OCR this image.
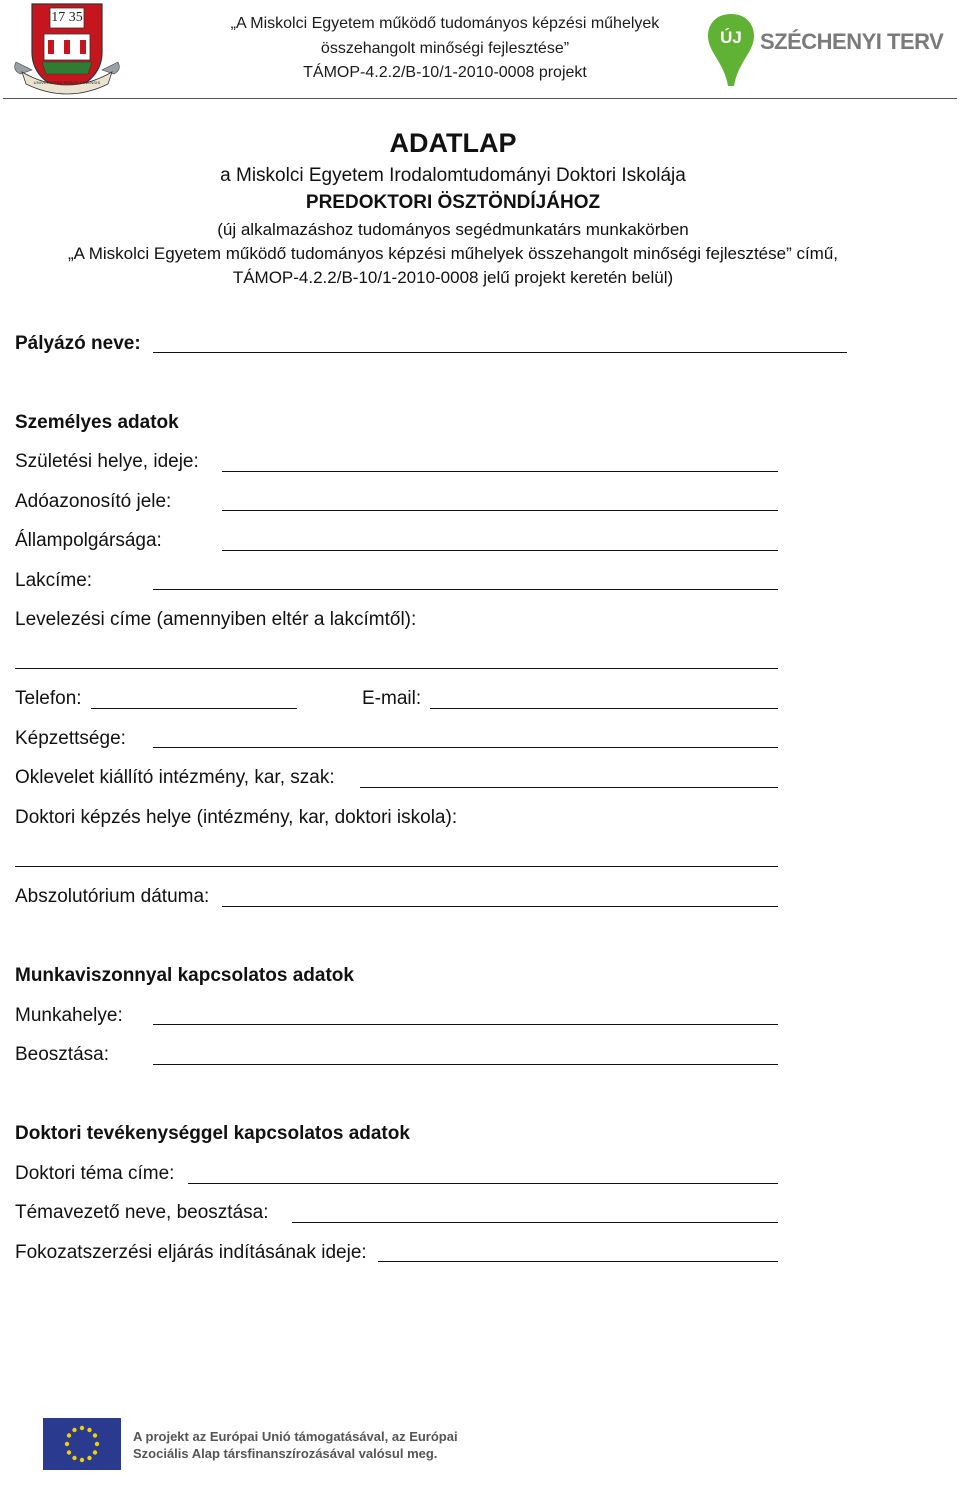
17 35
UNIVERSITAS MISKOLCINENSIS
„A Miskolci Egyetem működő tudományos képzési műhelyek
összehangolt minőségi fejlesztése”
TÁMOP-4.2.2/B-10/1-2010-0008 projekt
ÚJ SZÉCHENYI TERV
ADATLAP
a Miskolci Egyetem Irodalomtudományi Doktori Iskolája
PREDOKTORI ÖSZTÖNDÍJÁHOZ
(új alkalmazáshoz tudományos segédmunkatárs munkakörben
„A Miskolci Egyetem működő tudományos képzési műhelyek összehangolt minőségi fejlesztése” című,
TÁMOP-4.2.2/B-10/1-2010-0008 jelű projekt keretén belül)
Pályázó neve:
Személyes adatok
Születési helye, ideje:
Adóazonosító jele:
Állampolgársága:
Lakcíme:
Levelezési címe (amennyiben eltér a lakcímtől):
Telefon:	E-mail:
Képzettsége:
Oklevelet kiállító intézmény, kar, szak:
Doktori képzés helye (intézmény, kar, doktori iskola):
Abszolutórium dátuma:
Munkaviszonnyal kapcsolatos adatok
Munkahelye:
Beosztása:
Doktori tevékenységgel kapcsolatos adatok
Doktori téma címe:
Témavezető neve, beosztása:
Fokozatszerzési eljárás indításának ideje:
A projekt az Európai Unió támogatásával, az Európai
Szociális Alap társfinanszírozásával valósul meg.
